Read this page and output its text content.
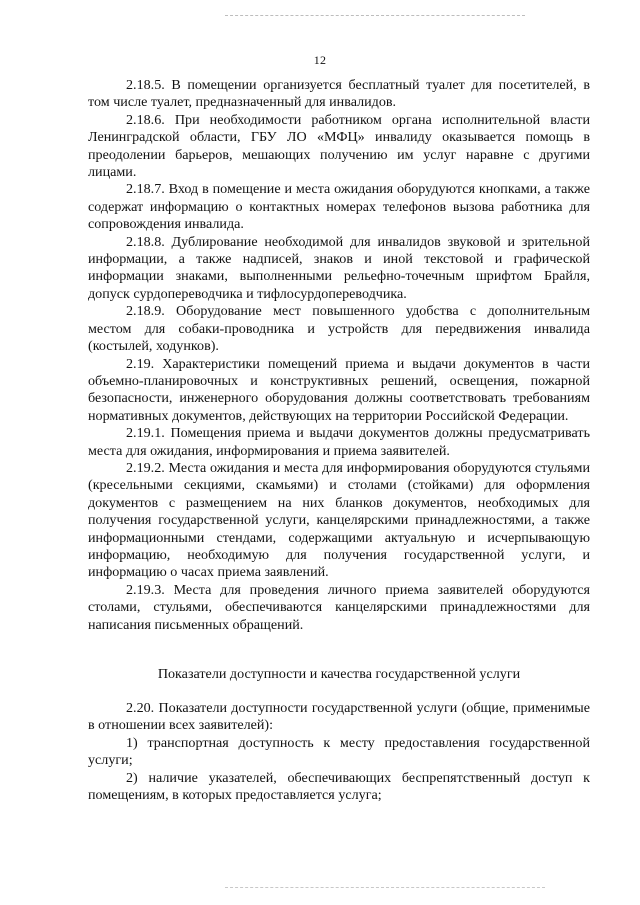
12

2.18.5. В помещении организуется бесплатный туалет для посетителей, в том числе туалет, предназначенный для инвалидов.

2.18.6. При необходимости работником органа исполнительной власти Ленинградской области, ГБУ ЛО «МФЦ» инвалиду оказывается помощь в преодолении барьеров, мешающих получению им услуг наравне с другими лицами.

2.18.7. Вход в помещение и места ожидания оборудуются кнопками, а также содержат информацию о контактных номерах телефонов вызова работника для сопровождения инвалида.

2.18.8. Дублирование необходимой для инвалидов звуковой и зрительной информации, а также надписей, знаков и иной текстовой и графической информации знаками, выполненными рельефно-точечным шрифтом Брайля, допуск сурдопереводчика и тифлосурдопереводчика.

2.18.9. Оборудование мест повышенного удобства с дополнительным местом для собаки-проводника и устройств для передвижения инвалида (костылей, ходунков).

2.19. Характеристики помещений приема и выдачи документов в части объемно-планировочных и конструктивных решений, освещения, пожарной безопасности, инженерного оборудования должны соответствовать требованиям нормативных документов, действующих на территории Российской Федерации.

2.19.1. Помещения приема и выдачи документов должны предусматривать места для ожидания, информирования и приема заявителей.

2.19.2. Места ожидания и места для информирования оборудуются стульями (кресельными секциями, скамьями) и столами (стойками) для оформления документов с размещением на них бланков документов, необходимых для получения государственной услуги, канцелярскими принадлежностями, а также информационными стендами, содержащими актуальную и исчерпывающую информацию, необходимую для получения государственной услуги, и информацию о часах приема заявлений.

2.19.3. Места для проведения личного приема заявителей оборудуются столами, стульями, обеспечиваются канцелярскими принадлежностями для написания письменных обращений.

Показатели доступности и качества государственной услуги

2.20. Показатели доступности государственной услуги (общие, применимые в отношении всех заявителей):

1) транспортная доступность к месту предоставления государственной услуги;

2) наличие указателей, обеспечивающих беспрепятственный доступ к помещениям, в которых предоставляется услуга;
